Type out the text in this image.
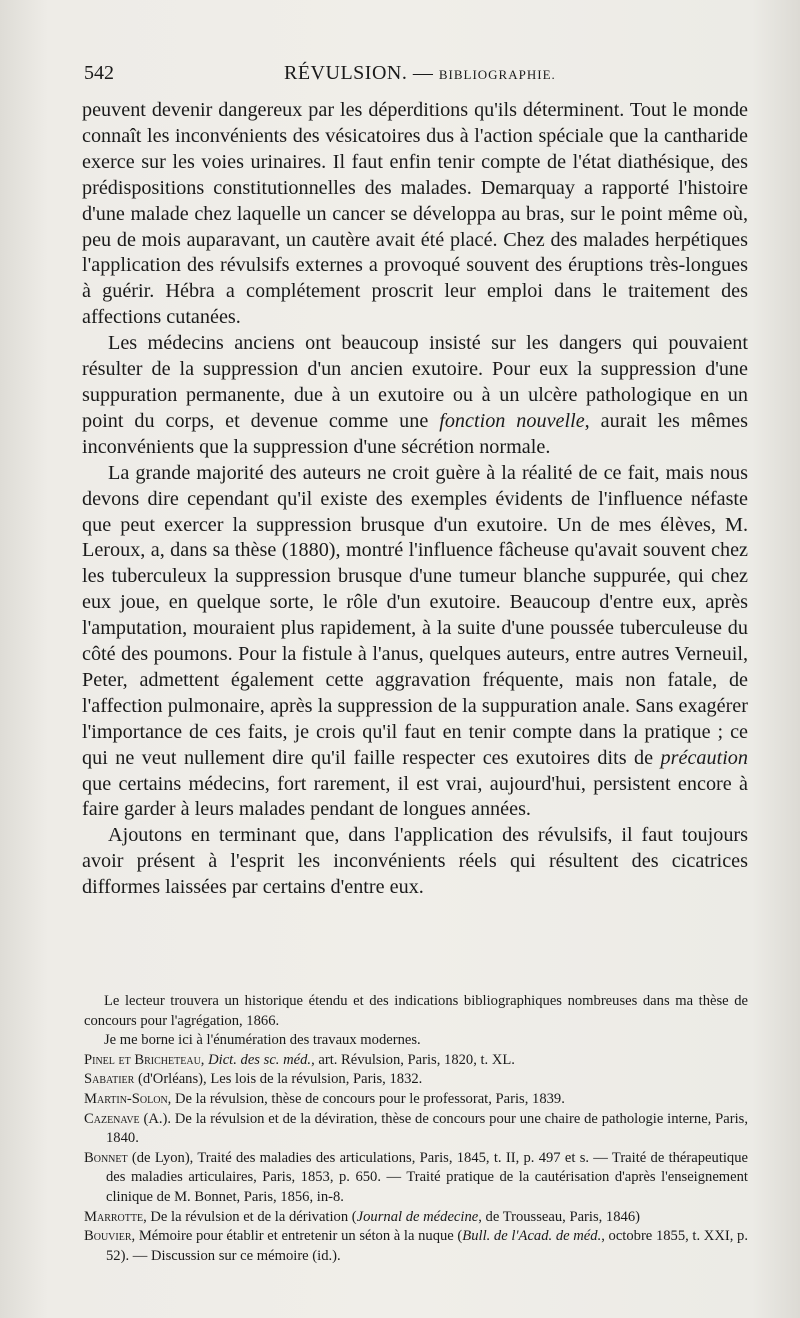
542	RÉVULSION. — BIBLIOGRAPHIE.

peuvent devenir dangereux par les déperditions qu'ils déterminent. Tout le monde connaît les inconvénients des vésicatoires dus à l'action spéciale que la cantharide exerce sur les voies urinaires. Il faut enfin tenir compte de l'état diathésique, des prédispositions constitutionnelles des malades. Demarquay a rapporté l'histoire d'une malade chez laquelle un cancer se développa au bras, sur le point même où, peu de mois auparavant, un cautère avait été placé. Chez des malades herpétiques l'application des révulsifs externes a provoqué souvent des éruptions très-longues à guérir. Hébra a complétement proscrit leur emploi dans le traitement des affections cutanées.

Les médecins anciens ont beaucoup insisté sur les dangers qui pouvaient résulter de la suppression d'un ancien exutoire. Pour eux la suppression d'une suppuration permanente, due à un exutoire ou à un ulcère pathologique en un point du corps, et devenue comme une fonction nouvelle, aurait les mêmes inconvénients que la suppression d'une sécrétion normale.

La grande majorité des auteurs ne croit guère à la réalité de ce fait, mais nous devons dire cependant qu'il existe des exemples évidents de l'influence néfaste que peut exercer la suppression brusque d'un exutoire. Un de mes élèves, M. Leroux, a, dans sa thèse (1880), montré l'influence fâcheuse qu'avait souvent chez les tuberculeux la suppression brusque d'une tumeur blanche suppurée, qui chez eux joue, en quelque sorte, le rôle d'un exutoire. Beaucoup d'entre eux, après l'amputation, mouraient plus rapidement, à la suite d'une poussée tuberculeuse du côté des poumons. Pour la fistule à l'anus, quelques auteurs, entre autres Verneuil, Peter, admettent également cette aggravation fréquente, mais non fatale, de l'affection pulmonaire, après la suppression de la suppuration anale. Sans exagérer l'importance de ces faits, je crois qu'il faut en tenir compte dans la pratique ; ce qui ne veut nullement dire qu'il faille respecter ces exutoires dits de précaution que certains médecins, fort rarement, il est vrai, aujourd'hui, persistent encore à faire garder à leurs malades pendant de longues années.

Ajoutons en terminant que, dans l'application des révulsifs, il faut toujours avoir présent à l'esprit les inconvénients réels qui résultent des cicatrices difformes laissées par certains d'entre eux.

Le lecteur trouvera un historique étendu et des indications bibliographiques nombreuses dans ma thèse de concours pour l'agrégation, 1866.

Je me borne ici à l'énumération des travaux modernes.

Pinel et Bricheteau, Dict. des sc. méd., art. Révulsion, Paris, 1820, t. XL.

Sabatier (d'Orléans), Les lois de la révulsion, Paris, 1832.

Martin-Solon, De la révulsion, thèse de concours pour le professorat, Paris, 1839.

Cazenave (A.). De la révulsion et de la déviration, thèse de concours pour une chaire de pathologie interne, Paris, 1840.

Bonnet (de Lyon), Traité des maladies des articulations, Paris, 1845, t. II, p. 497 et s. — Traité de thérapeutique des maladies articulaires, Paris, 1853, p. 650. — Traité pratique de la cautérisation d'après l'enseignement clinique de M. Bonnet, Paris, 1856, in-8.

Marrotte, De la révulsion et de la dérivation (Journal de médecine, de Trousseau, Paris, 1846)

Bouvier, Mémoire pour établir et entretenir un séton à la nuque (Bull. de l'Acad. de méd., octobre 1855, t. XXI, p. 52). — Discussion sur ce mémoire (id.).
